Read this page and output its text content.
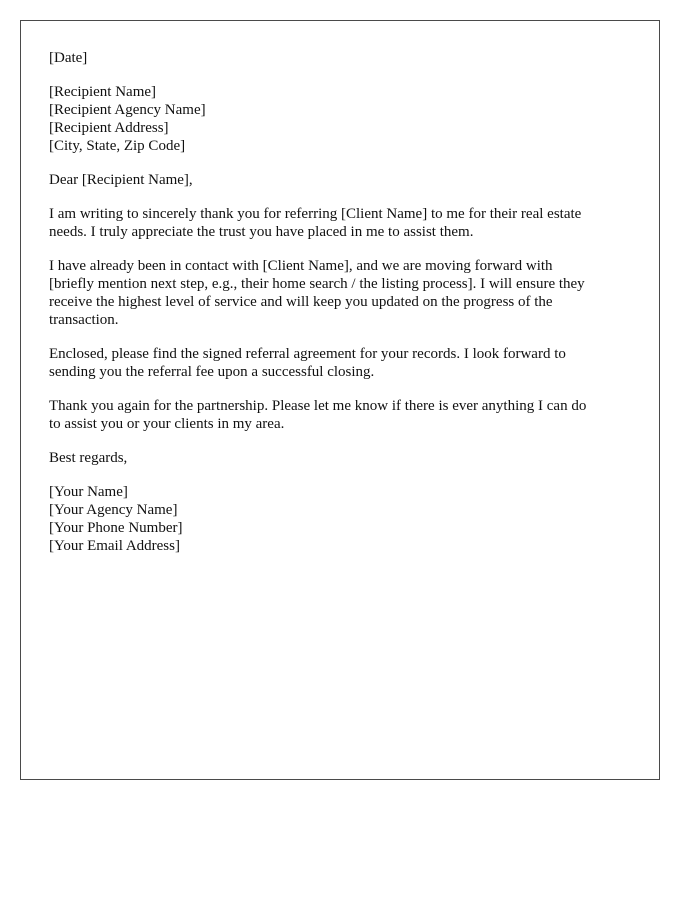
[Date]
[Recipient Name]
[Recipient Agency Name]
[Recipient Address]
[City, State, Zip Code]
Dear [Recipient Name],

I am writing to sincerely thank you for referring [Client Name] to me for their real estate
needs. I truly appreciate the trust you have placed in me to assist them.

I have already been in contact with [Client Name], and we are moving forward with
[briefly mention next step, e.g., their home search / the listing process]. I will ensure they
receive the highest level of service and will keep you updated on the progress of the
transaction.

Enclosed, please find the signed referral agreement for your records. I look forward to
sending you the referral fee upon a successful closing.

Thank you again for the partnership. Please let me know if there is ever anything I can do
to assist you or your clients in my area.

Best regards,
[Your Name]
[Your Agency Name]
[Your Phone Number]
[Your Email Address]
